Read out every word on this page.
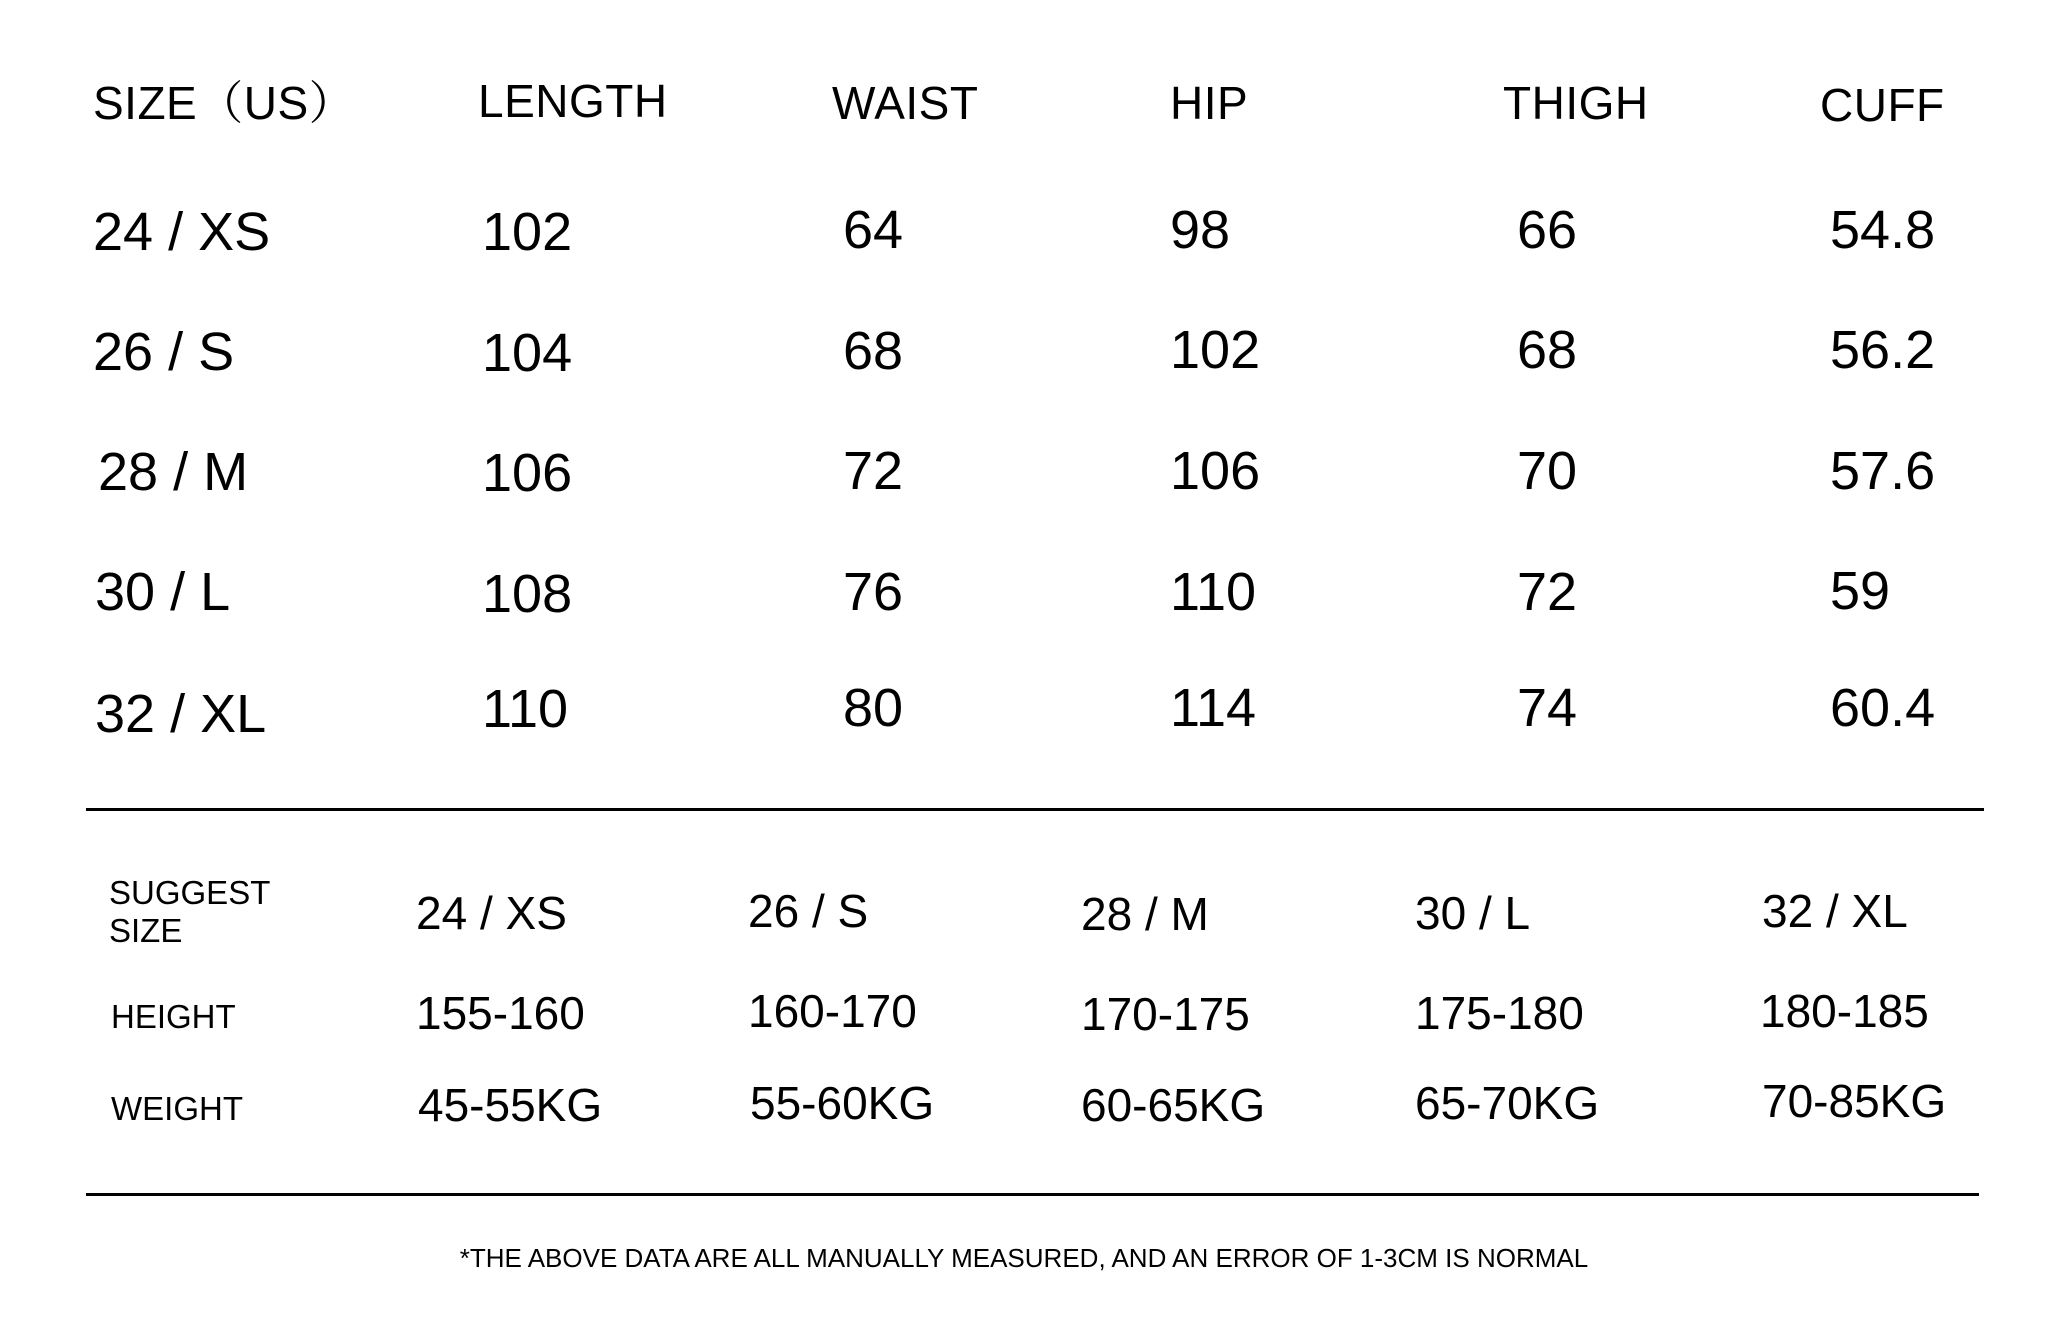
SIZE（US）	LENGTH	WAIST	HIP	THIGH	CUFF
24 / XS	102	64	98	66	54.8
26 / S	104	68	102	68	56.2
28 / M	106	72	106	70	57.6
30 / L	108	76	110	72	59
32 / XL	110	80	114	74	60.4
SUGGEST
SIZE	24 / XS	26 / S	28 / M	30 / L	32 / XL
HEIGHT	155-160	160-170	170-175	175-180	180-185
WEIGHT	45-55KG	55-60KG	60-65KG	65-70KG	70-85KG
*THE ABOVE DATA ARE ALL MANUALLY MEASURED, AND AN ERROR OF 1-3CM IS NORMAL
